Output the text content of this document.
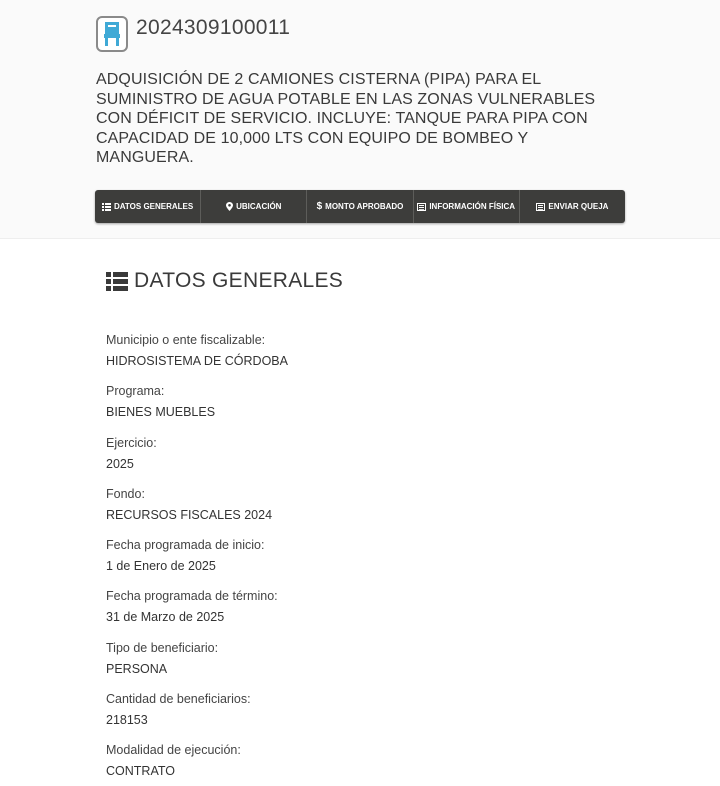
2024309100011
ADQUISICIÓN DE 2 CAMIONES CISTERNA (PIPA) PARA EL SUMINISTRO DE AGUA POTABLE EN LAS ZONAS VULNERABLES CON DÉFICIT DE SERVICIO. INCLUYE: TANQUE PARA PIPA CON CAPACIDAD DE 10,000 LTS CON EQUIPO DE BOMBEO Y MANGUERA.
DATOS GENERALES	UBICACIÓN	$ MONTO APROBADO	INFORMACIÓN FÍSICA	ENVIAR QUEJA
DATOS GENERALES
Municipio o ente fiscalizable:
HIDROSISTEMA DE CÓRDOBA
Programa:
BIENES MUEBLES
Ejercicio:
2025
Fondo:
RECURSOS FISCALES 2024
Fecha programada de inicio:
1 de Enero de 2025
Fecha programada de término:
31 de Marzo de 2025
Tipo de beneficiario:
PERSONA
Cantidad de beneficiarios:
218153
Modalidad de ejecución:
CONTRATO
